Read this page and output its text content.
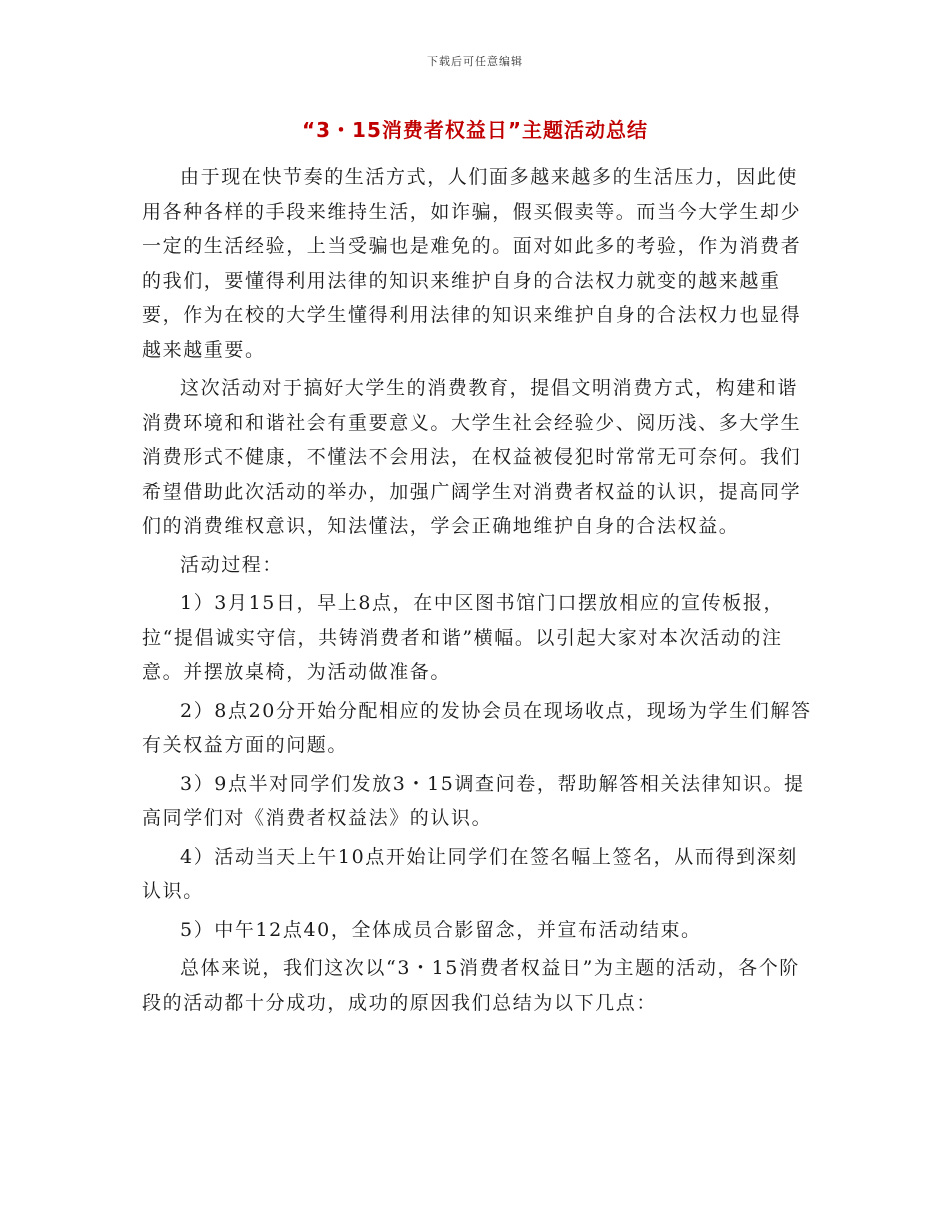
下载后可任意编辑
“3・15消费者权益日”主题活动总结

由于现在快节奏的生活方式，人们面多越来越多的生活压力，因此使用各种各样的手段来维持生活，如诈骗，假买假卖等。而当今大学生却少一定的生活经验，上当受骗也是难免的。面对如此多的考验，作为消费者的我们，要懂得利用法律的知识来维护自身的合法权力就变的越来越重要，作为在校的大学生懂得利用法律的知识来维护自身的合法权力也显得越来越重要。

这次活动对于搞好大学生的消费教育，提倡文明消费方式，构建和谐消费环境和和谐社会有重要意义。大学生社会经验少、阅历浅、多大学生消费形式不健康，不懂法不会用法，在权益被侵犯时常常无可奈何。我们希望借助此次活动的举办，加强广阔学生对消费者权益的认识，提高同学们的消费维权意识，知法懂法，学会正确地维护自身的合法权益。

活动过程：

1）3月15日，早上8点，在中区图书馆门口摆放相应的宣传板报，拉“提倡诚实守信，共铸消费者和谐”横幅。以引起大家对本次活动的注意。并摆放桌椅，为活动做准备。

2）8点20分开始分配相应的发协会员在现场收点，现场为学生们解答有关权益方面的问题。

3）9点半对同学们发放3・15调查问卷，帮助解答相关法律知识。提高同学们对《消费者权益法》的认识。

4）活动当天上午10点开始让同学们在签名幅上签名，从而得到深刻认识。

5）中午12点40，全体成员合影留念，并宣布活动结束。

总体来说，我们这次以“3・15消费者权益日”为主题的活动，各个阶段的活动都十分成功，成功的原因我们总结为以下几点：
